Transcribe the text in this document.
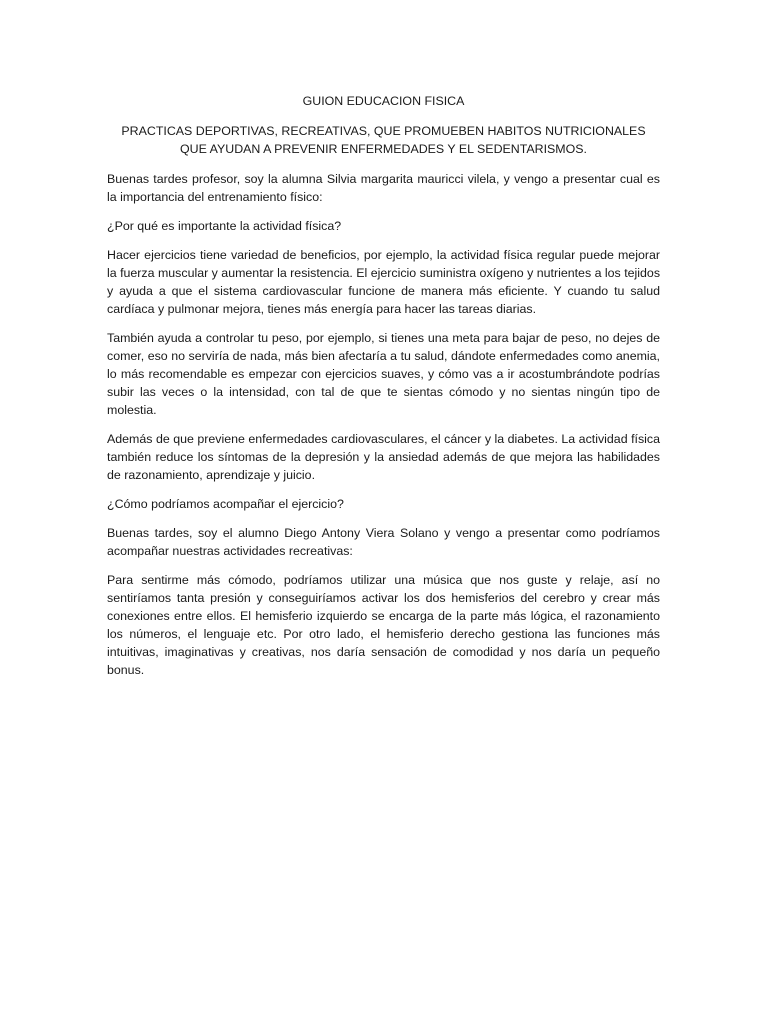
GUION EDUCACION FISICA

PRACTICAS DEPORTIVAS, RECREATIVAS, QUE PROMUEBEN HABITOS NUTRICIONALES QUE AYUDAN A PREVENIR ENFERMEDADES Y EL SEDENTARISMOS.

Buenas tardes profesor, soy la alumna Silvia margarita mauricci vilela, y vengo a presentar cual es la importancia del entrenamiento físico:

¿Por qué es importante la actividad física?

Hacer ejercicios tiene variedad de beneficios, por ejemplo, la actividad física regular puede mejorar la fuerza muscular y aumentar la resistencia. El ejercicio suministra oxígeno y nutrientes a los tejidos y ayuda a que el sistema cardiovascular funcione de manera más eficiente. Y cuando tu salud cardíaca y pulmonar mejora, tienes más energía para hacer las tareas diarias.

También ayuda a controlar tu peso, por ejemplo, si tienes una meta para bajar de peso, no dejes de comer, eso no serviría de nada, más bien afectaría a tu salud, dándote enfermedades como anemia, lo más recomendable es empezar con ejercicios suaves, y cómo vas a ir acostumbrándote podrías subir las veces o la intensidad, con tal de que te sientas cómodo y no sientas ningún tipo de molestia.

Además de que previene enfermedades cardiovasculares, el cáncer y la diabetes. La actividad física también reduce los síntomas de la depresión y la ansiedad además de que mejora las habilidades de razonamiento, aprendizaje y juicio.

¿Cómo podríamos acompañar el ejercicio?

Buenas tardes, soy el alumno Diego Antony Viera Solano y vengo a presentar como podríamos acompañar nuestras actividades recreativas:

Para sentirme más cómodo, podríamos utilizar una música que nos guste y relaje, así no sentiríamos tanta presión y conseguiríamos activar los dos hemisferios del cerebro y crear más conexiones entre ellos. El hemisferio izquierdo se encarga de la parte más lógica, el razonamiento los números, el lenguaje etc. Por otro lado, el hemisferio derecho gestiona las funciones más intuitivas, imaginativas y creativas, nos daría sensación de comodidad y nos daría un pequeño bonus.
